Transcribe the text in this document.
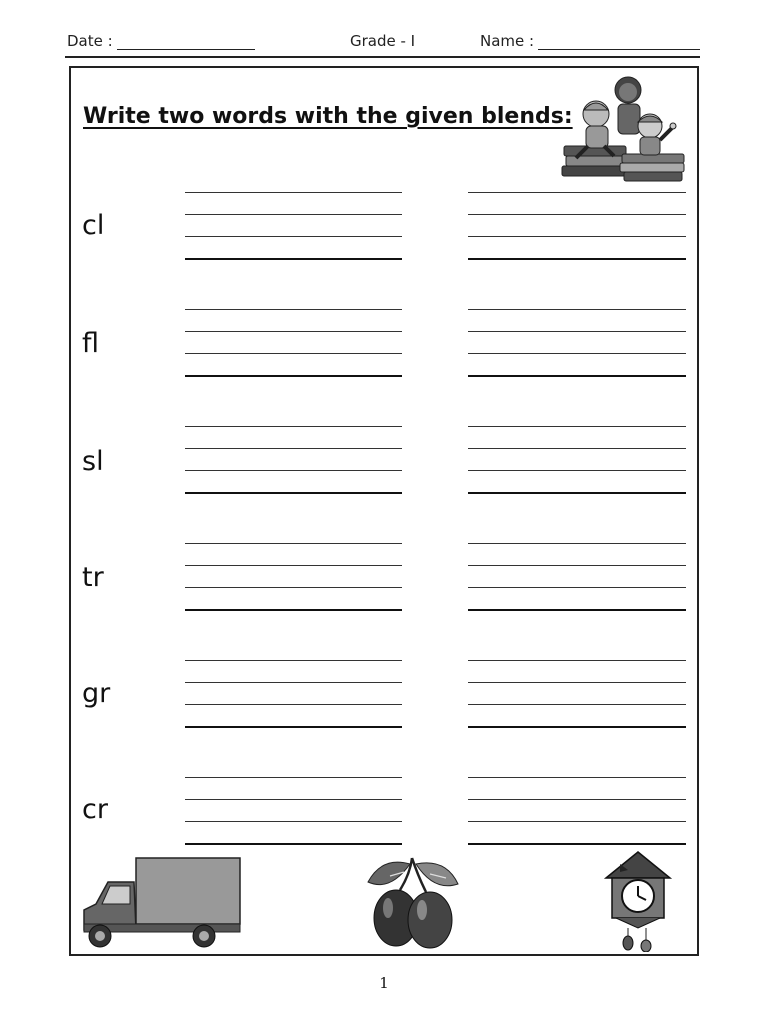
Date :	Grade - I	Name :
Write two words with the given blends:
cl
fl
sl
tr
gr
cr
1
